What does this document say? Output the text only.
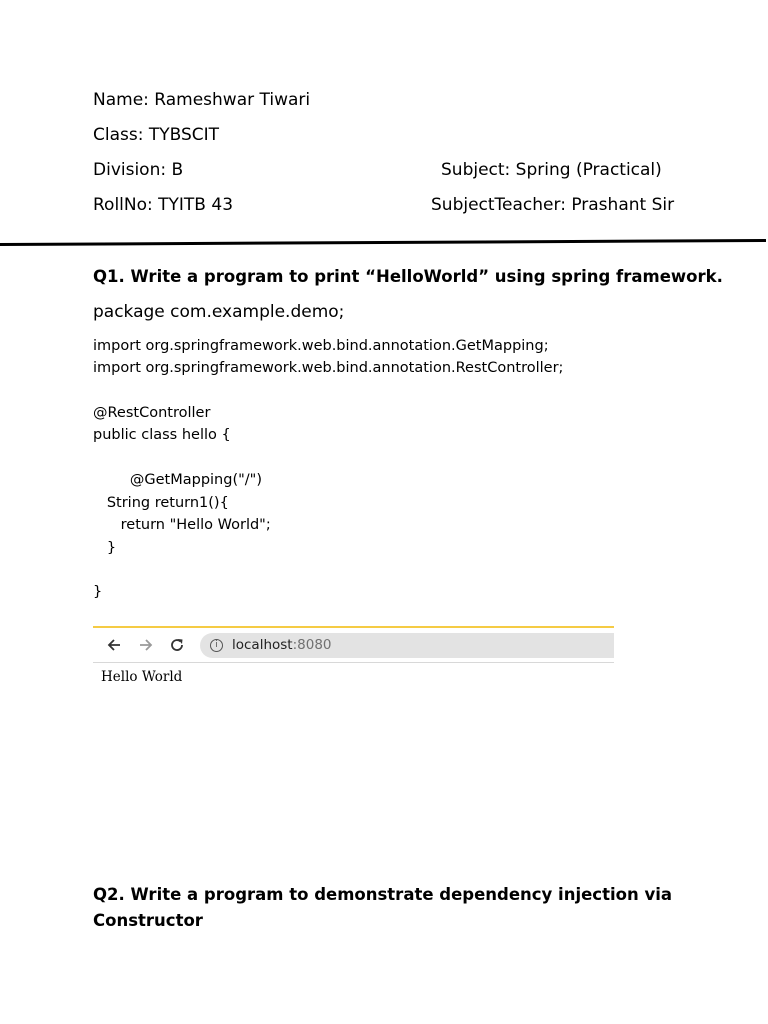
Name: Rameshwar Tiwari
Class: TYBSCIT
Division: B
RollNo: TYITB 43
Subject: Spring (Practical)
SubjectTeacher: Prashant Sir
Q1. Write a program to print “HelloWorld” using spring framework.
package com.example.demo;
import org.springframework.web.bind.annotation.GetMapping;
import org.springframework.web.bind.annotation.RestController;
@RestController
public class hello {
@GetMapping("/")
String return1(){
return "Hello World";
}
}
i	localhost:8080
Hello World
Q2. Write a program to demonstrate dependency injection via
Constructor
